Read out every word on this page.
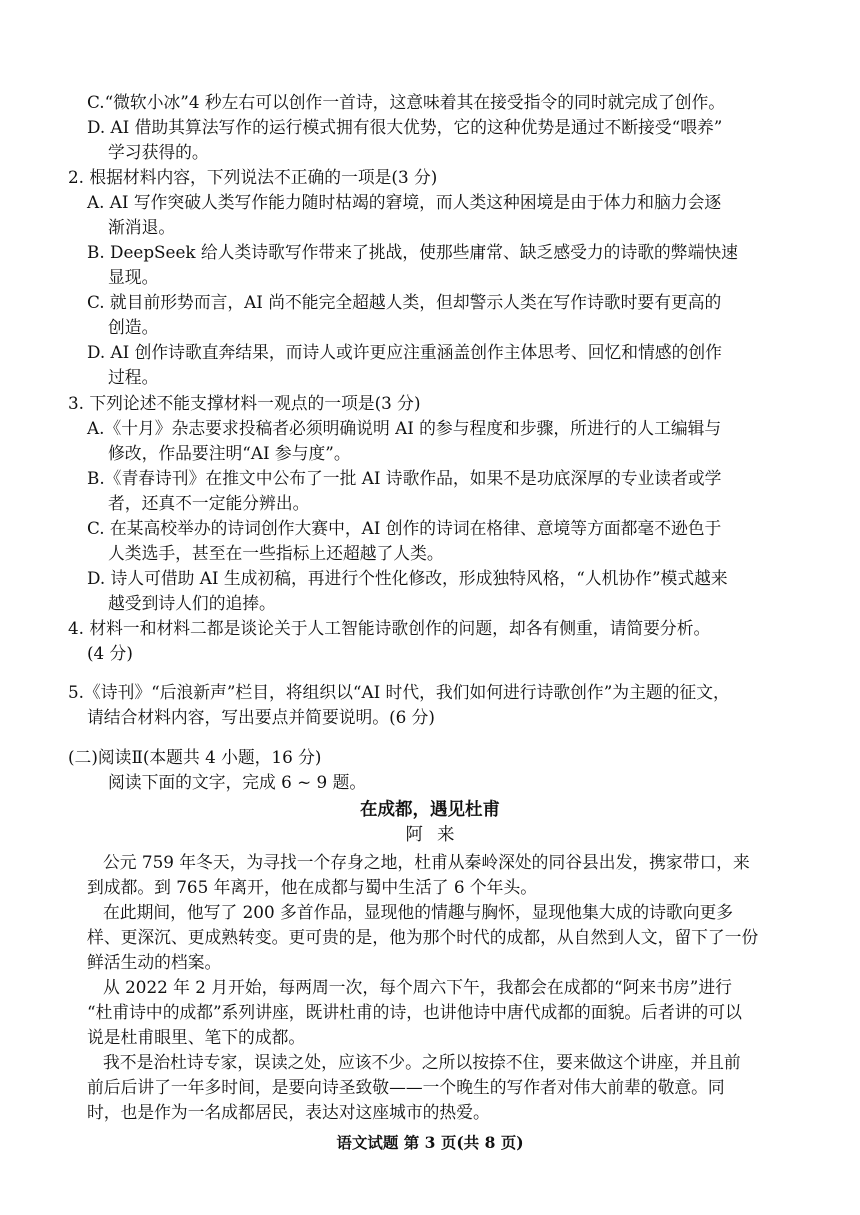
C.“微软小冰”4 秒左右可以创作一首诗，这意味着其在接受指令的同时就完成了创作。
D. AI 借助其算法写作的运行模式拥有很大优势，它的这种优势是通过不断接受“喂养”
学习获得的。
2. 根据材料内容，下列说法不正确的一项是(3 分)
A. AI 写作突破人类写作能力随时枯竭的窘境，而人类这种困境是由于体力和脑力会逐
渐消退。
B. DeepSeek 给人类诗歌写作带来了挑战，使那些庸常、缺乏感受力的诗歌的弊端快速
显现。
C. 就目前形势而言，AI 尚不能完全超越人类，但却警示人类在写作诗歌时要有更高的
创造。
D. AI 创作诗歌直奔结果，而诗人或许更应注重涵盖创作主体思考、回忆和情感的创作
过程。
3. 下列论述不能支撑材料一观点的一项是(3 分)
A.《十月》杂志要求投稿者必须明确说明 AI 的参与程度和步骤，所进行的人工编辑与
修改，作品要注明“AI 参与度”。
B.《青春诗刊》在推文中公布了一批 AI 诗歌作品，如果不是功底深厚的专业读者或学
者，还真不一定能分辨出。
C. 在某高校举办的诗词创作大赛中，AI 创作的诗词在格律、意境等方面都毫不逊色于
人类选手，甚至在一些指标上还超越了人类。
D. 诗人可借助 AI 生成初稿，再进行个性化修改，形成独特风格，“人机协作”模式越来
越受到诗人们的追捧。
4. 材料一和材料二都是谈论关于人工智能诗歌创作的问题，却各有侧重，请简要分析。
(4 分)
5.《诗刊》“后浪新声”栏目，将组织以“AI 时代，我们如何进行诗歌创作”为主题的征文，
请结合材料内容，写出要点并简要说明。(6 分)
(二)阅读Ⅱ(本题共 4 小题，16 分)
阅读下面的文字，完成 6 ~ 9 题。
在成都，遇见杜甫
阿来
公元 759 年冬天，为寻找一个存身之地，杜甫从秦岭深处的同谷县出发，携家带口，来
到成都。到 765 年离开，他在成都与蜀中生活了 6 个年头。
在此期间，他写了 200 多首作品，显现他的情趣与胸怀，显现他集大成的诗歌向更多
样、更深沉、更成熟转变。更可贵的是，他为那个时代的成都，从自然到人文，留下了一份
鲜活生动的档案。
从 2022 年 2 月开始，每两周一次，每个周六下午，我都会在成都的“阿来书房”进行
“杜甫诗中的成都”系列讲座，既讲杜甫的诗，也讲他诗中唐代成都的面貌。后者讲的可以
说是杜甫眼里、笔下的成都。
我不是治杜诗专家，误读之处，应该不少。之所以按捺不住，要来做这个讲座，并且前
前后后讲了一年多时间，是要向诗圣致敬——一个晚生的写作者对伟大前辈的敬意。同
时，也是作为一名成都居民，表达对这座城市的热爱。
语文试题 第 3 页(共 8 页)
